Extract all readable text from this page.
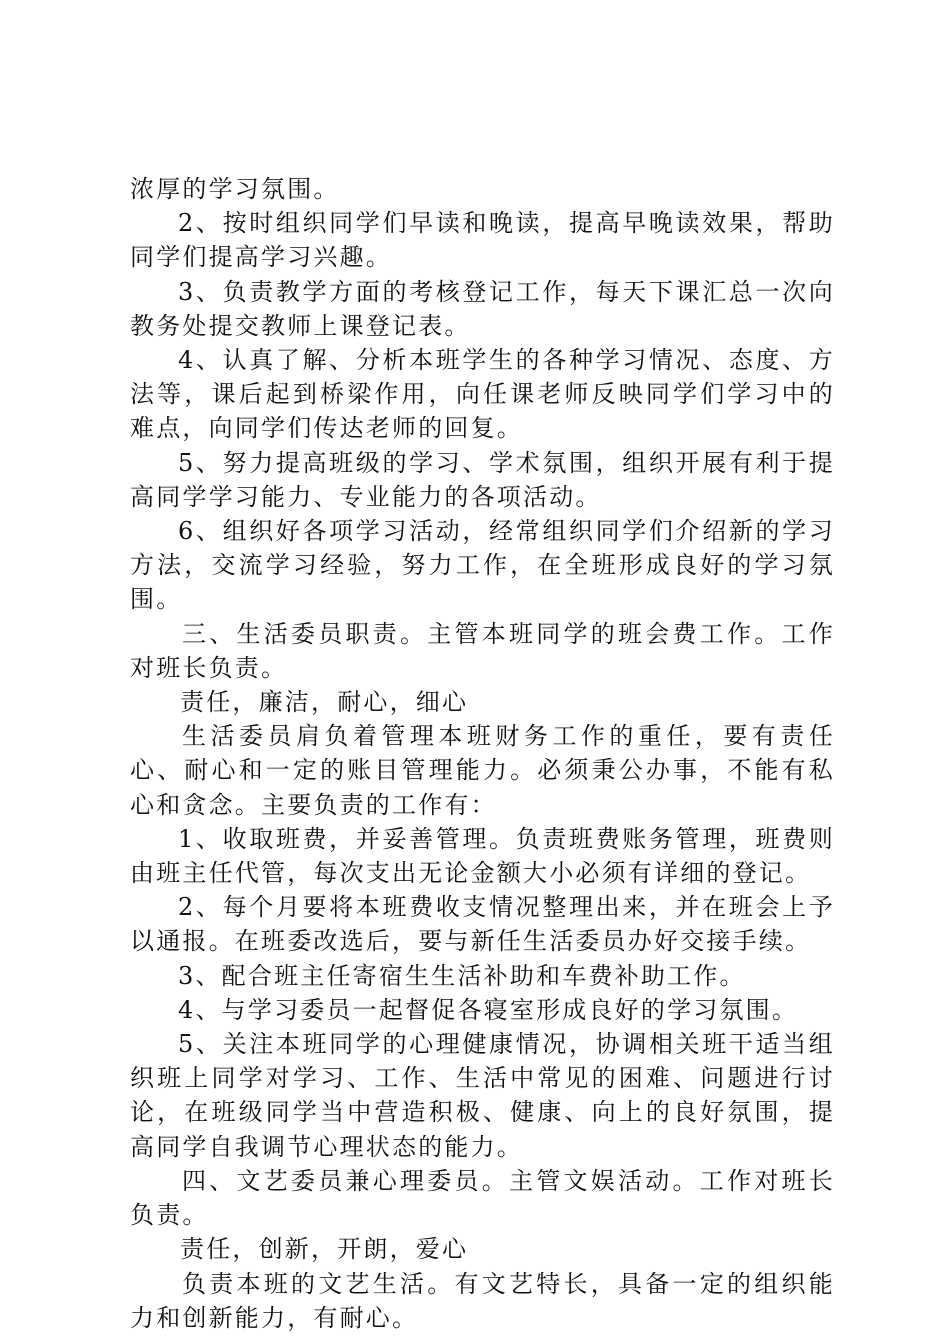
浓厚的学习氛围。

2、按时组织同学们早读和晚读，提高早晚读效果，帮助同学们提高学习兴趣。

3、负责教学方面的考核登记工作，每天下课汇总一次向教务处提交教师上课登记表。

4、认真了解、分析本班学生的各种学习情况、态度、方法等，课后起到桥梁作用，向任课老师反映同学们学习中的难点，向同学们传达老师的回复。

5、努力提高班级的学习、学术氛围，组织开展有利于提高同学学习能力、专业能力的各项活动。

6、组织好各项学习活动，经常组织同学们介绍新的学习方法，交流学习经验，努力工作，在全班形成良好的学习氛围。

三、生活委员职责。主管本班同学的班会费工作。工作对班长负责。

责任，廉洁，耐心，细心

生活委员肩负着管理本班财务工作的重任，要有责任心、耐心和一定的账目管理能力。必须秉公办事，不能有私心和贪念。主要负责的工作有：

1、收取班费，并妥善管理。负责班费账务管理，班费则由班主任代管，每次支出无论金额大小必须有详细的登记。

2、每个月要将本班费收支情况整理出来，并在班会上予以通报。在班委改选后，要与新任生活委员办好交接手续。

3、配合班主任寄宿生生活补助和车费补助工作。

4、与学习委员一起督促各寝室形成良好的学习氛围。

5、关注本班同学的心理健康情况，协调相关班干适当组织班上同学对学习、工作、生活中常见的困难、问题进行讨论，在班级同学当中营造积极、健康、向上的良好氛围，提高同学自我调节心理状态的能力。

四、文艺委员兼心理委员。主管文娱活动。工作对班长负责。

责任，创新，开朗，爱心

负责本班的文艺生活。有文艺特长，具备一定的组织能力和创新能力，有耐心。
